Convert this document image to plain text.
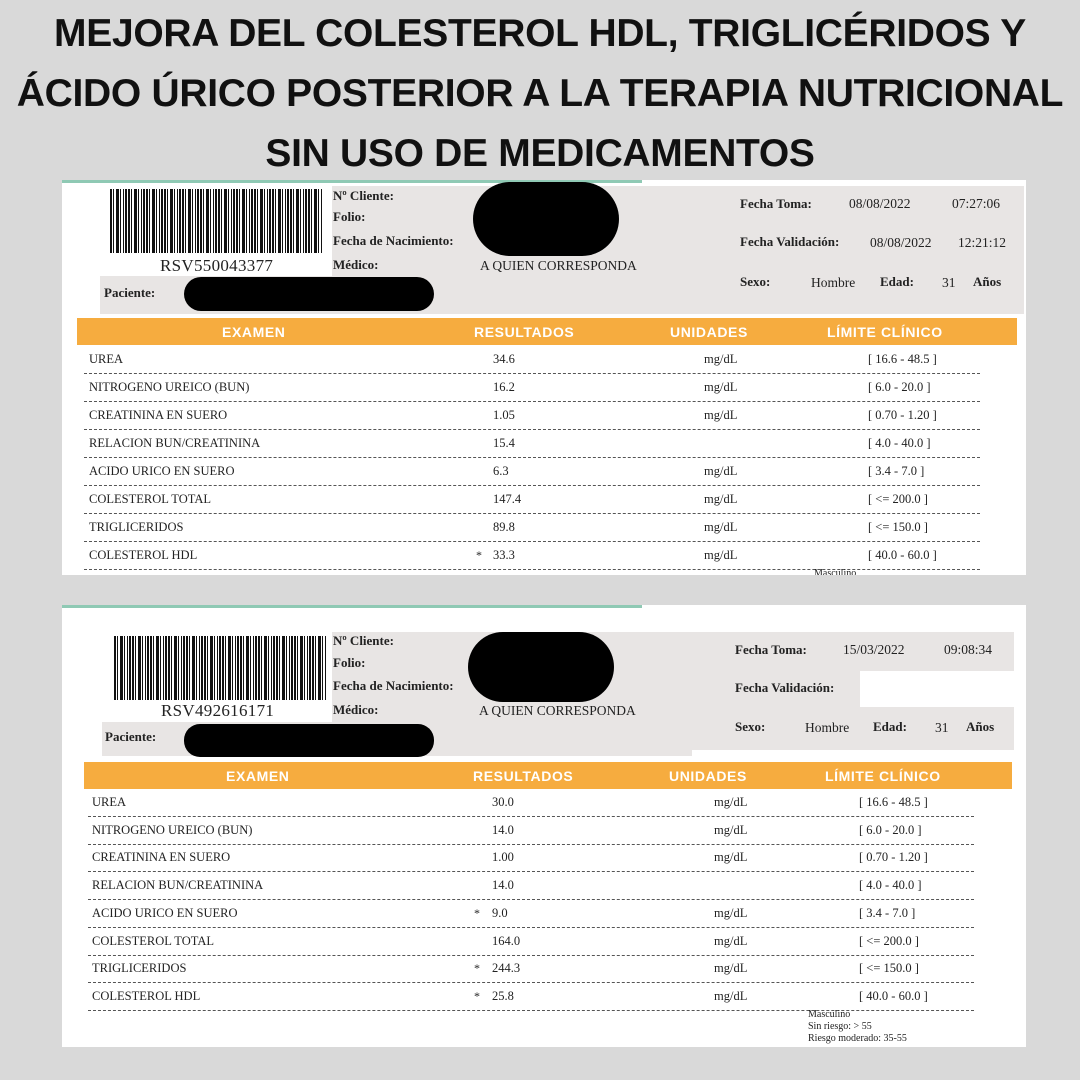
MEJORA DEL COLESTEROL HDL, TRIGLICÉRIDOS Y
ÁCIDO ÚRICO POSTERIOR A LA TERAPIA NUTRICIONAL
SIN USO DE MEDICAMENTOS
RSV550043377
Nº Cliente:
Folio:
Fecha de Nacimiento:
Médico:	A QUIEN CORRESPONDA
Paciente:
Fecha Toma:	08/08/2022	07:27:06
Fecha Validación: 08/08/2022 12:21:12
Sexo:	Hombre Edad: 31 Años
EXAMEN	RESULTADOS	UNIDADES	LÍMITE CLÍNICO
UREA	34.6	mg/dL	[ 16.6 - 48.5 ]
NITROGENO UREICO (BUN)	16.2	mg/dL	[ 6.0 - 20.0 ]
CREATININA EN SUERO	1.05	mg/dL	[ 0.70 - 1.20 ]
RELACION BUN/CREATININA	15.4	[ 4.0 - 40.0 ]
ACIDO URICO EN SUERO	6.3	mg/dL	[ 3.4 - 7.0 ]
COLESTEROL TOTAL	147.4	mg/dL	[ <= 200.0 ]
TRIGLICERIDOS	89.8	mg/dL	[ <= 150.0 ]
COLESTEROL HDL	* 33.3	mg/dL	[ 40.0 - 60.0 ]
Masculino
RSV492616171
Nº Cliente:
Folio:
Fecha de Nacimiento:
Médico:	A QUIEN CORRESPONDA
Paciente:
Fecha Toma:	15/03/2022	09:08:34
Fecha Validación:
Sexo:	Hombre Edad: 31 Años
EXAMEN	RESULTADOS	UNIDADES	LÍMITE CLÍNICO
UREA	30.0	mg/dL	[ 16.6 - 48.5 ]
NITROGENO UREICO (BUN)	14.0	mg/dL	[ 6.0 - 20.0 ]
CREATININA EN SUERO	1.00	mg/dL	[ 0.70 - 1.20 ]
RELACION BUN/CREATININA	14.0	[ 4.0 - 40.0 ]
ACIDO URICO EN SUERO	* 9.0	mg/dL	[ 3.4 - 7.0 ]
COLESTEROL TOTAL	164.0	mg/dL	[ <= 200.0 ]
TRIGLICERIDOS	* 244.3	mg/dL	[ <= 150.0 ]
COLESTEROL HDL	* 25.8	mg/dL	[ 40.0 - 60.0 ]
Masculino
Sin riesgo: > 55
Riesgo moderado: 35-55
